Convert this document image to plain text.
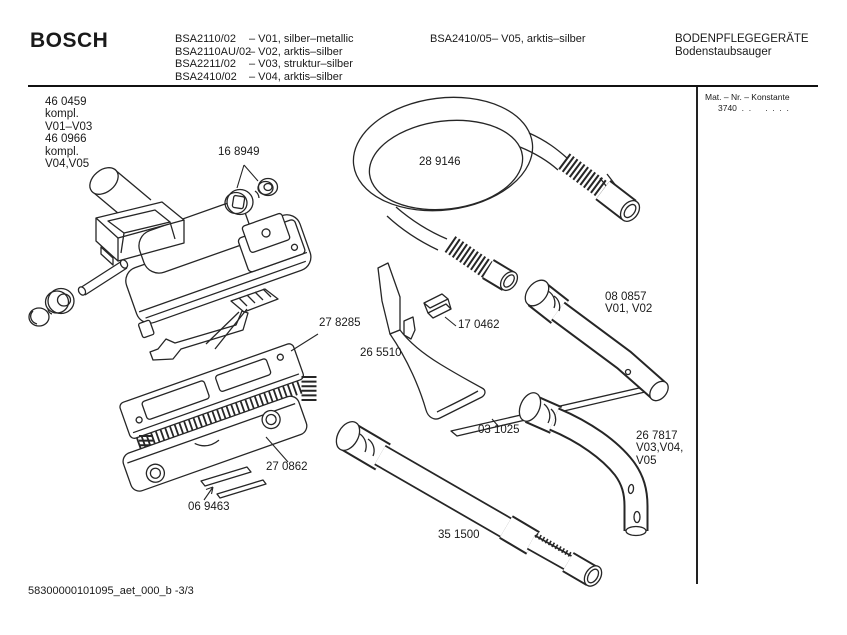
BOSCH	BSA2110/02 – V01, silber–metallic
BSA2110AU/02– V02, arktis–silber
BSA2211/02 – V03, struktur–silber
BSA2410/02 – V04, arktis–silber
BSA2410/05– V05, arktis–silber	BODENPFLEGEGERÄTE
Bodenstaubsauger
Mat. – Nr. – Konstante
3740  .  .      .  .  .  .
46 0459
kompl.
V01–V03
46 0966
kompl.
V04,V05
16 8949
28 9146
27 8285	17 0462
26 5510
03 1025
08 0857
V01, V02
27 0862
06 9463
26 7817
V03,V04,
V05
35 1500
58300000101095_aet_000_b -3/3
